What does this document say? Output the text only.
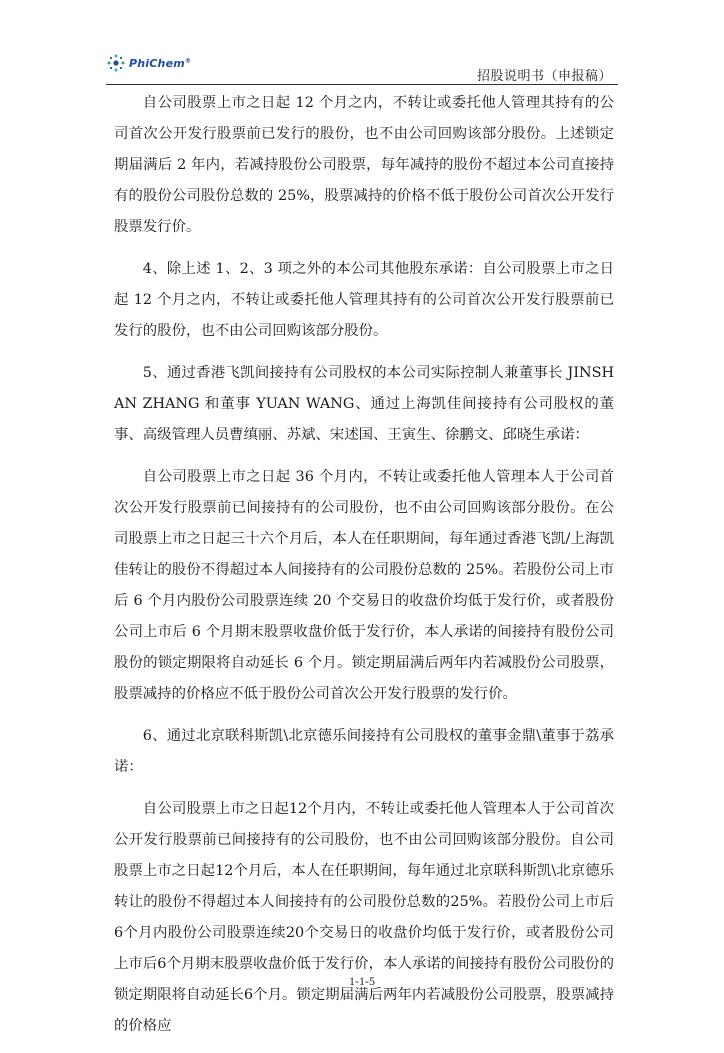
PhiChem®
招股说明书（申报稿）

自公司股票上市之日起 12 个月之内，不转让或委托他人管理其持有的公司首次公开发行股票前已发行的股份，也不由公司回购该部分股份。上述锁定期届满后 2 年内，若减持股份公司股票，每年减持的股份不超过本公司直接持有的股份公司股份总数的 25%，股票减持的价格不低于股份公司首次公开发行股票发行价。

4、除上述 1、2、3 项之外的本公司其他股东承诺：自公司股票上市之日起 12 个月之内，不转让或委托他人管理其持有的公司首次公开发行股票前已发行的股份，也不由公司回购该部分股份。

5、通过香港飞凯间接持有公司股权的本公司实际控制人兼董事长 JINSHAN ZHANG 和董事 YUAN WANG、通过上海凯佳间接持有公司股权的董事、高级管理人员曹缜丽、苏斌、宋述国、王寅生、徐鹏文、邱晓生承诺：

自公司股票上市之日起 36 个月内，不转让或委托他人管理本人于公司首次公开发行股票前已间接持有的公司股份，也不由公司回购该部分股份。在公司股票上市之日起三十六个月后，本人在任职期间，每年通过香港飞凯/上海凯佳转让的股份不得超过本人间接持有的公司股份总数的 25%。若股份公司上市后 6 个月内股份公司股票连续 20 个交易日的收盘价均低于发行价，或者股份公司上市后 6 个月期末股票收盘价低于发行价，本人承诺的间接持有股份公司股份的锁定期限将自动延长 6 个月。锁定期届满后两年内若减股份公司股票，股票减持的价格应不低于股份公司首次公开发行股票的发行价。

6、通过北京联科斯凯\北京德乐间接持有公司股权的董事金鼎\董事于荔承诺：

自公司股票上市之日起12个月内，不转让或委托他人管理本人于公司首次公开发行股票前已间接持有的公司股份，也不由公司回购该部分股份。自公司股票上市之日起12个月后，本人在任职期间，每年通过北京联科斯凯\北京德乐转让的股份不得超过本人间接持有的公司股份总数的25%。若股份公司上市后6个月内股份公司股票连续20个交易日的收盘价均低于发行价，或者股份公司上市后6个月期末股票收盘价低于发行价，本人承诺的间接持有股份公司股份的锁定期限将自动延长6个月。锁定期届满后两年内若减股份公司股票，股票减持的价格应

1-1-5
